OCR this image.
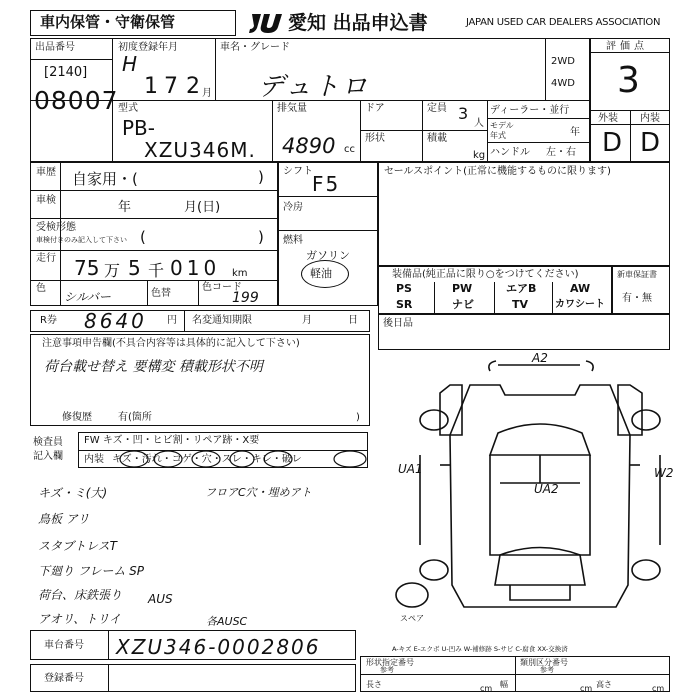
車内保管・守衛保管	愛知 出品申込書	JAPAN USED CAR DEALERS ASSOCIATION
出品番号
[2140]
08007
初度登録年月
H
17 2 月
車名・グレード
デュトロ
2WD
4WD
評価点
3
型式
PB-
XZU346M.
排気量
4890 cc
ドア
形状
定員 3
人
積載
kg
ディーラー・並行
モデル
年式	年
ハンドル 左・右
外装 内装
D D
車歴 自家用・(	)
車検	年	月(日)
受検形態
車検付きのみ記入して下さい (	)
走行 75 万 5 千 010 km
色
シルバー	色替
色コード
199
シフト
F5
冷房
燃料
ガソリン
軽油
セールスポイント(正常に機能するものに限ります)
装備品(純正品に限り○をつけてください)
PS	PW	エアB	AW
SR	ナビ	TV	カワシート
新車保証書
有・無
R券 8640 円 名変通知期限	月	日	後日品
注意事項申告欄(不具合内容等は具体的に記入して下さい)
荷台載せ替え 要構変 積載形状不明
修復歴	有(箇所	)
検査員
記入欄
FW キズ・凹・ヒビ割・リペア跡・X要
内装 キズ・汚れ・コゲ・穴・スレ・キレ・破レ
キズ・ミ(大)	フロアC穴・埋めアト
鳥板 アリ
スタブトレスT
下廻り フレーム SP
荷台、床鉄張り AUS
アオリ、トリイ	各AUSC
A2
UA1
UA2
W2
スペア
A-キズ E-エクボ U-凹み W-補修跡 S-サビ C-腐食 XX-交換済
車台番号 XZU346-0002806
登録番号
形状指定番号
参考
類別区分番号
参考
長さ	cm 幅	cm 高さ	cm
